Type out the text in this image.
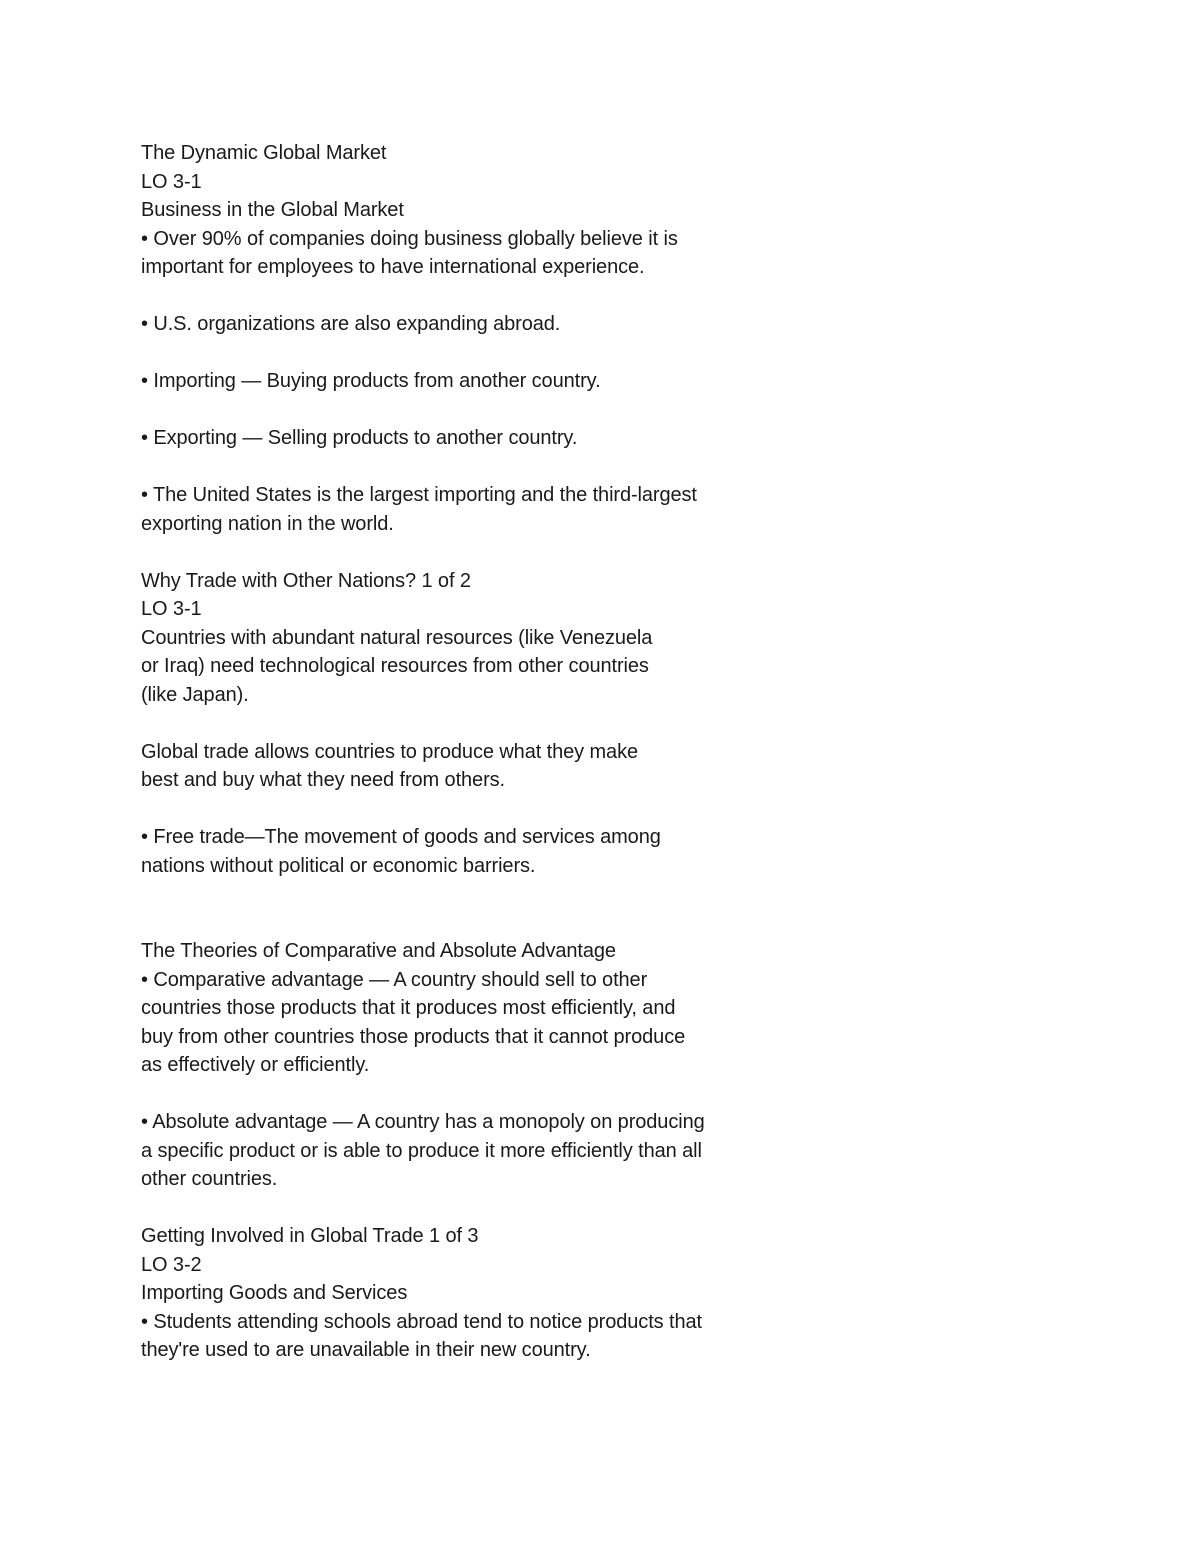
The Dynamic Global Market
LO 3-1
Business in the Global Market
• Over 90% of companies doing business globally believe it is
important for employees to have international experience.
• U.S. organizations are also expanding abroad.
• Importing — Buying products from another country.
• Exporting — Selling products to another country.
• The United States is the largest importing and the third-largest
exporting nation in the world.
Why Trade with Other Nations? 1 of 2
LO 3-1
Countries with abundant natural resources (like Venezuela
or Iraq) need technological resources from other countries
(like Japan).
Global trade allows countries to produce what they make
best and buy what they need from others.
• Free trade—The movement of goods and services among
nations without political or economic barriers.
The Theories of Comparative and Absolute Advantage
• Comparative advantage — A country should sell to other
countries those products that it produces most efficiently, and
buy from other countries those products that it cannot produce
as effectively or efficiently.
• Absolute advantage — A country has a monopoly on producing
a specific product or is able to produce it more efficiently than all
other countries.
Getting Involved in Global Trade 1 of 3
LO 3-2
Importing Goods and Services
• Students attending schools abroad tend to notice products that
they're used to are unavailable in their new country.
